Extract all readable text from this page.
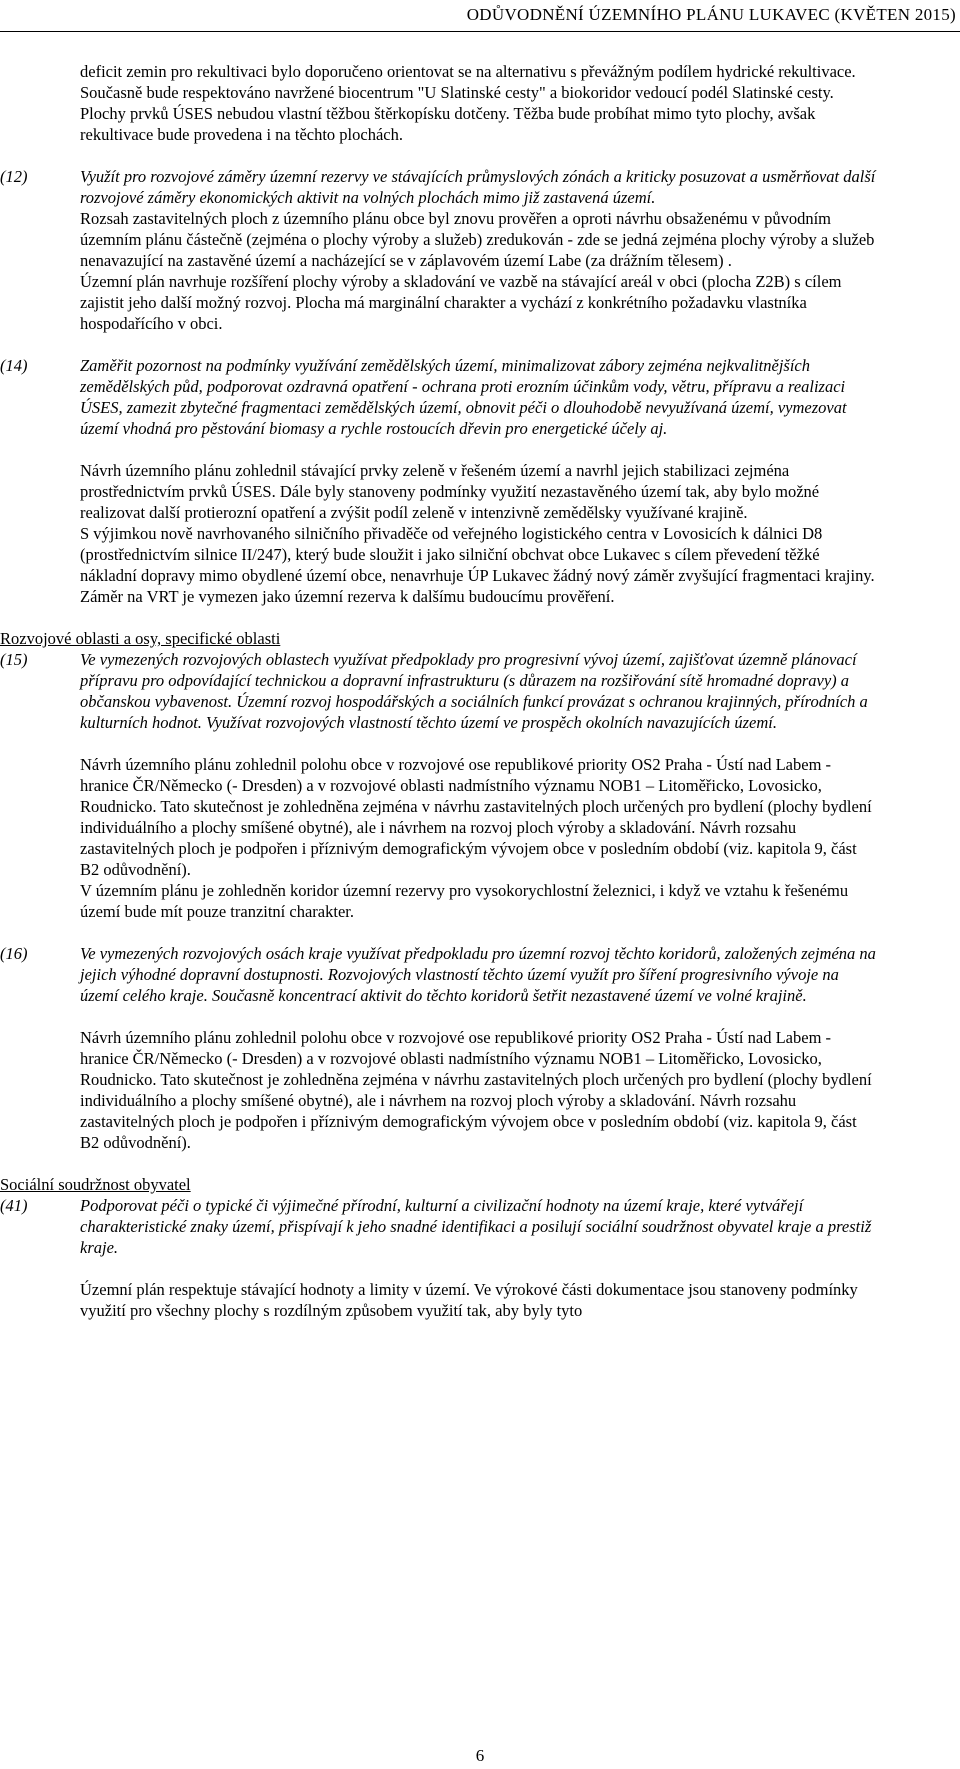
ODŮVODNĚNÍ ÚZEMNÍHO PLÁNU LUKAVEC (KVĚTEN 2015)

deficit zemin pro rekultivaci bylo doporučeno orientovat se na alternativu s převážným podílem hydrické rekultivace. Současně bude respektováno navržené biocentrum "U Slatinské cesty" a biokoridor vedoucí podél Slatinské cesty. Plochy prvků ÚSES nebudou vlastní těžbou štěrkopísku dotčeny. Těžba bude probíhat mimo tyto plochy, avšak rekultivace bude provedena i na těchto plochách.

(12)	Využít pro rozvojové záměry územní rezervy ve stávajících průmyslových zónách a kriticky posuzovat a usměrňovat další rozvojové záměry ekonomických aktivit na volných plochách mimo již zastavená území.

Rozsah zastavitelných ploch z územního plánu obce byl znovu prověřen a oproti návrhu obsaženému v původním územním plánu částečně (zejména o plochy výroby a služeb) zredukován - zde se jedná zejména plochy výroby a služeb nenavazující na zastavěné území a nacházející se v záplavovém území Labe (za drážním tělesem) .

Územní plán navrhuje rozšíření plochy výroby a skladování ve vazbě na stávající areál v obci (plocha Z2B) s cílem zajistit jeho další možný rozvoj. Plocha má marginální charakter a vychází z konkrétního požadavku vlastníka hospodařícího v obci.

(14)	Zaměřit pozornost na podmínky využívání zemědělských území, minimalizovat zábory zejména nejkvalitnějších zemědělských půd, podporovat ozdravná opatření - ochrana proti erozním účinkům vody, větru, přípravu a realizaci ÚSES, zamezit zbytečné fragmentaci zemědělských území, obnovit péči o dlouhodobě nevyužívaná území, vymezovat území vhodná pro pěstování biomasy a rychle rostoucích dřevin pro energetické účely aj.

Návrh územního plánu zohlednil stávající prvky zeleně v řešeném území a navrhl jejich stabilizaci zejména prostřednictvím prvků ÚSES. Dále byly stanoveny podmínky využití nezastavěného území tak, aby bylo možné realizovat další protierozní opatření a zvýšit podíl zeleně v intenzivně zemědělsky využívané krajině.

S výjimkou nově navrhovaného silničního přivaděče od veřejného logistického centra v Lovosicích k dálnici D8 (prostřednictvím silnice II/247), který bude sloužit i jako silniční obchvat obce Lukavec s cílem převedení těžké nákladní dopravy mimo obydlené území obce, nenavrhuje ÚP Lukavec žádný nový záměr zvyšující fragmentaci krajiny. Záměr na VRT je vymezen jako územní rezerva k dalšímu budoucímu prověření.

Rozvojové oblasti a osy, specifické oblasti

(15)	Ve vymezených rozvojových oblastech využívat předpoklady pro progresivní vývoj území, zajišťovat územně plánovací přípravu pro odpovídající technickou a dopravní infrastrukturu (s důrazem na rozšiřování sítě hromadné dopravy) a občanskou vybavenost. Územní rozvoj hospodářských a sociálních funkcí provázat s ochranou krajinných, přírodních a kulturních hodnot. Využívat rozvojových vlastností těchto území ve prospěch okolních navazujících území.

Návrh územního plánu zohlednil polohu obce v rozvojové ose republikové priority OS2 Praha - Ústí nad Labem - hranice ČR/Německo (- Dresden) a v rozvojové oblasti nadmístního významu NOB1 – Litoměřicko, Lovosicko, Roudnicko. Tato skutečnost je zohledněna zejména v návrhu zastavitelných ploch určených pro bydlení (plochy bydlení individuálního a plochy smíšené obytné), ale i návrhem na rozvoj ploch výroby a skladování. Návrh rozsahu zastavitelných ploch je podpořen i příznivým demografickým vývojem obce v posledním období (viz. kapitola 9, část B2 odůvodnění).

V územním plánu je zohledněn koridor územní rezervy pro vysokorychlostní železnici, i když ve vztahu k řešenému území bude mít pouze tranzitní charakter.

(16)	Ve vymezených rozvojových osách kraje využívat předpokladu pro územní rozvoj těchto koridorů, založených zejména na jejich výhodné dopravní dostupnosti. Rozvojových vlastností těchto území využít pro šíření progresivního vývoje na území celého kraje. Současně koncentrací aktivit do těchto koridorů šetřit nezastavené území ve volné krajině.

Návrh územního plánu zohlednil polohu obce v rozvojové ose republikové priority OS2 Praha - Ústí nad Labem - hranice ČR/Německo (- Dresden) a v rozvojové oblasti nadmístního významu NOB1 – Litoměřicko, Lovosicko, Roudnicko. Tato skutečnost je zohledněna zejména v návrhu zastavitelných ploch určených pro bydlení (plochy bydlení individuálního a plochy smíšené obytné), ale i návrhem na rozvoj ploch výroby a skladování. Návrh rozsahu zastavitelných ploch je podpořen i příznivým demografickým vývojem obce v posledním období (viz. kapitola 9, část B2 odůvodnění).

Sociální soudržnost obyvatel

(41)	Podporovat péči o typické či výjimečné přírodní, kulturní a civilizační hodnoty na území kraje, které vytvářejí charakteristické znaky území, přispívají k jeho snadné identifikaci a posilují sociální soudržnost obyvatel kraje a prestiž kraje.

Územní plán respektuje stávající hodnoty a limity v území. Ve výrokové části dokumentace jsou stanoveny podmínky využití pro všechny plochy s rozdílným způsobem využití tak, aby byly tyto

6
